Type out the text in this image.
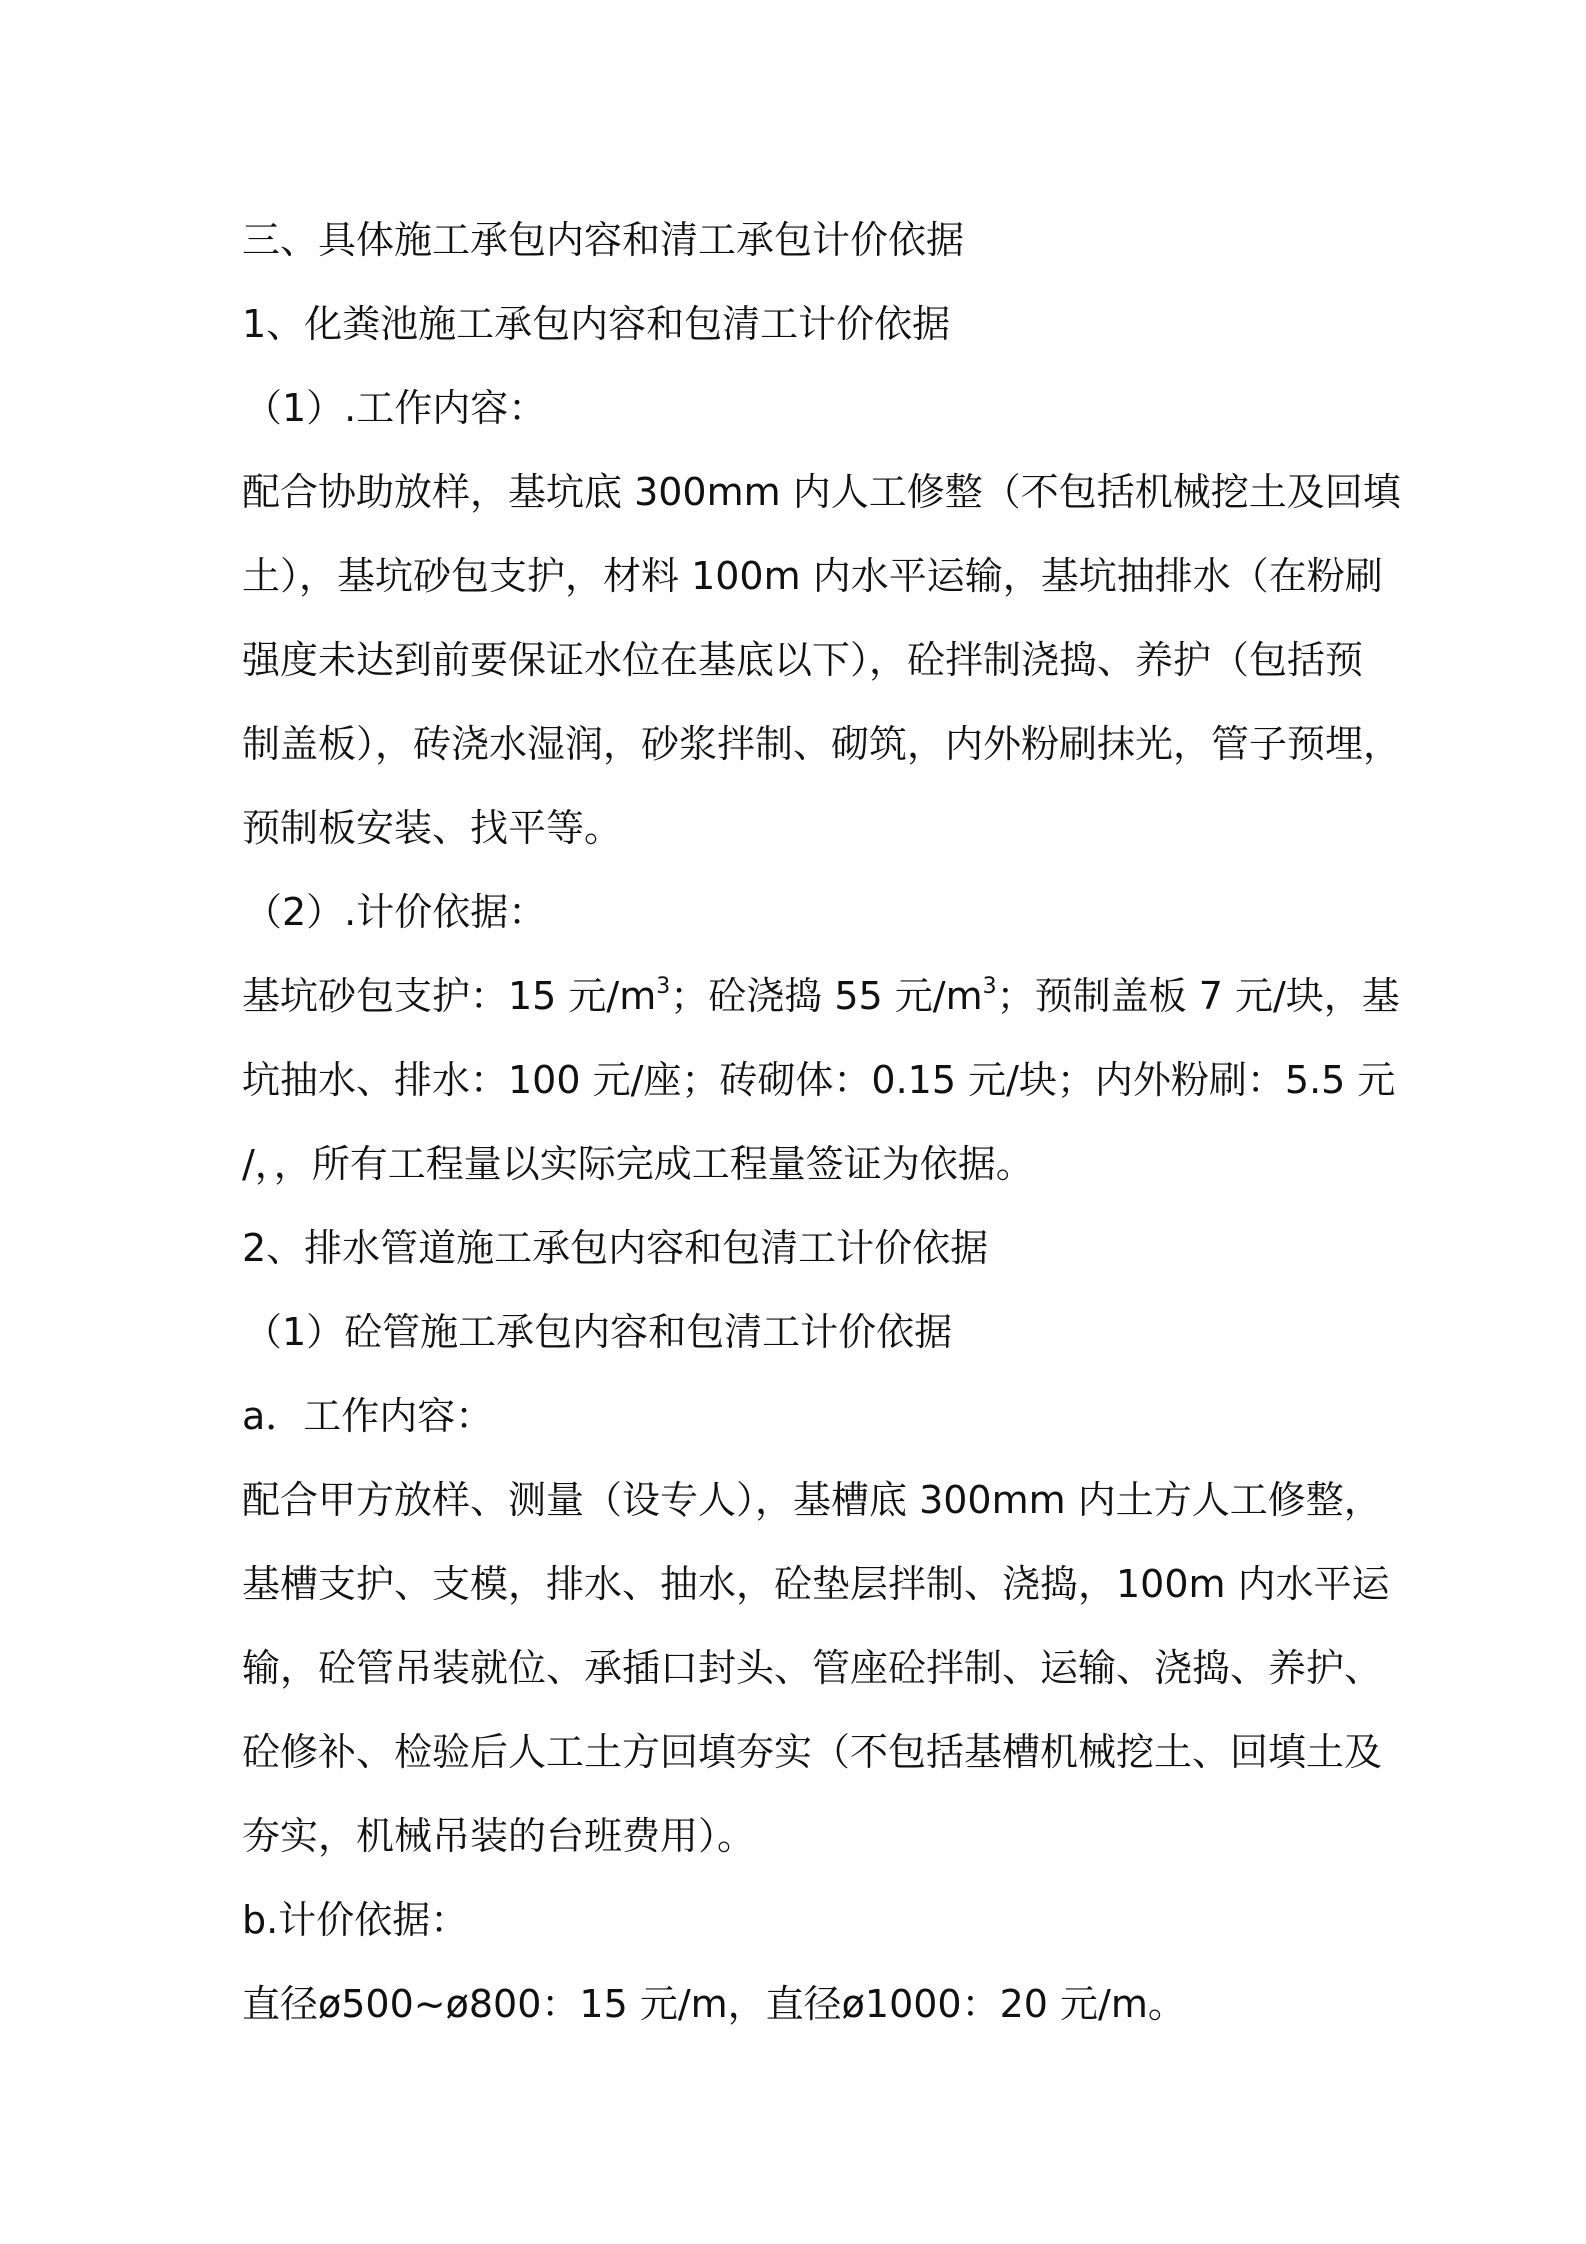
三、具体施工承包内容和清工承包计价依据
1、化粪池施工承包内容和包清工计价依据
（1）.工作内容：
配合协助放样，基坑底 300mm 内人工修整（不包括机械挖土及回填
土），基坑砂包支护，材料 100m 内水平运输，基坑抽排水（在粉刷
强度未达到前要保证水位在基底以下），砼拌制浇捣、养护（包括预
制盖板），砖浇水湿润，砂浆拌制、砌筑，内外粉刷抹光，管子预埋，
预制板安装、找平等。
（2）.计价依据：
基坑砂包支护：15 元$/m^3$；砼浇捣 55 元$/m^3$；预制盖板 7 元/块，基
坑抽水、排水：100 元/座；砖砌体：0.15 元/块；内外粉刷：5.5 元
/，，所有工程量以实际完成工程量签证为依据。
2、排水管道施工承包内容和包清工计价依据
（1）砼管施工承包内容和包清工计价依据
a．工作内容：
配合甲方放样、测量（设专人），基槽底 300mm 内土方人工修整，
基槽支护、支模，排水、抽水，砼垫层拌制、浇捣，100m 内水平运
输，砼管吊装就位、承插口封头、管座砼拌制、运输、浇捣、养护、
砼修补、检验后人工土方回填夯实（不包括基槽机械挖土、回填土及
夯实，机械吊装的台班费用）。
b.计价依据：
直径ø500~ø800：15 元/m，直径ø1000：20 元/m。
